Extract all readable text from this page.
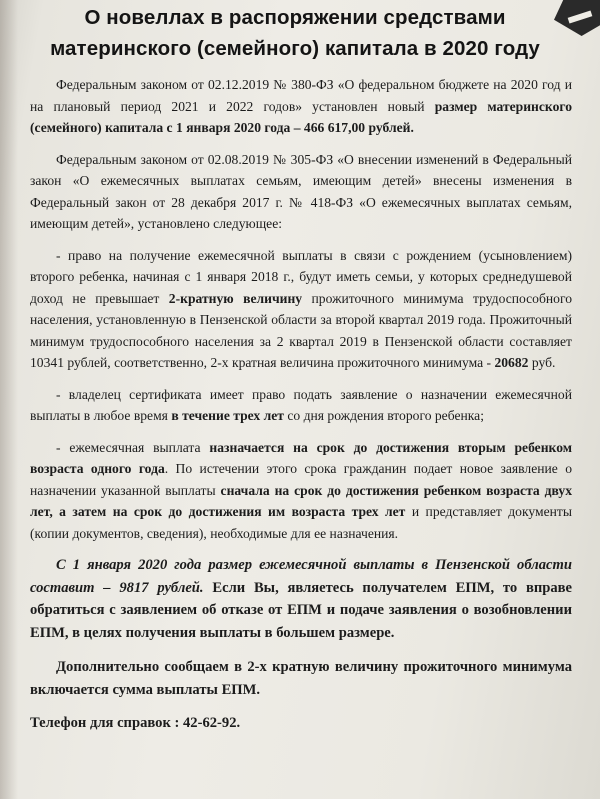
О новеллах в распоряжении средствами материнского (семейного) капитала в 2020 году

Федеральным законом от 02.12.2019 № 380-ФЗ «О федеральном бюджете на 2020 год и на плановый период 2021 и 2022 годов» установлен новый размер материнского (семейного) капитала с 1 января 2020 года – 466 617,00 рублей.

Федеральным законом от 02.08.2019 № 305-ФЗ «О внесении изменений в Федеральный закон «О ежемесячных выплатах семьям, имеющим детей» внесены изменения в Федеральный закон от 28 декабря 2017 г. № 418-ФЗ «О ежемесячных выплатах семьям, имеющим детей», установлено следующее:

- право на получение ежемесячной выплаты в связи с рождением (усыновлением) второго ребенка, начиная с 1 января 2018 г., будут иметь семьи, у которых среднедушевой доход не превышает 2-кратную величину прожиточного минимума трудоспособного населения, установленную в Пензенской области за второй квартал 2019 года. Прожиточный минимум трудоспособного населения за 2 квартал 2019 в Пензенской области составляет 10341 рублей, соответственно, 2-х кратная величина прожиточного минимума - 20682 руб.

- владелец сертификата имеет право подать заявление о назначении ежемесячной выплаты в любое время в течение трех лет со дня рождения второго ребенка;

- ежемесячная выплата назначается на срок до достижения вторым ребенком возраста одного года. По истечении этого срока гражданин подает новое заявление о назначении указанной выплаты сначала на срок до достижения ребенком возраста двух лет, а затем на срок до достижения им возраста трех лет и представляет документы (копии документов, сведения), необходимые для ее назначения.

С 1 января 2020 года размер ежемесячной выплаты в Пензенской области составит – 9817 рублей. Если Вы, являетесь получателем ЕПМ, то вправе обратиться с заявлением об отказе от ЕПМ и подаче заявления о возобновлении ЕПМ, в целях получения выплаты в большем размере.

Дополнительно сообщаем в 2-х кратную величину прожиточного минимума включается сумма выплаты ЕПМ.

Телефон для справок : 42-62-92.
